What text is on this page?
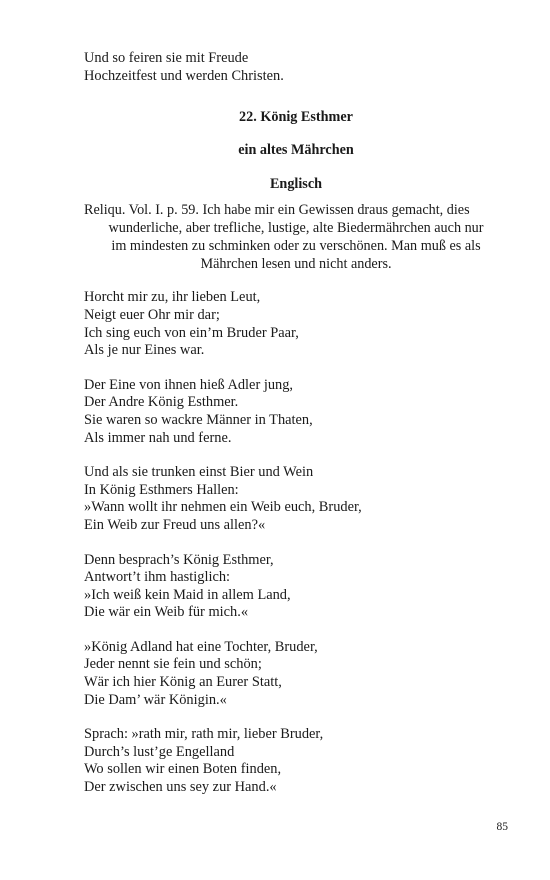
Und so feiren sie mit Freude
Hochzeitfest und werden Christen.
22. König Esthmer
ein altes Mährchen
Englisch
Reliqu. Vol. I. p. 59. Ich habe mir ein Gewissen draus gemacht, dies
wunderliche, aber trefliche, lustige, alte Biedermährchen auch nur
im mindesten zu schminken oder zu verschönen. Man muß es als
Mährchen lesen und nicht anders.
Horcht mir zu, ihr lieben Leut,
Neigt euer Ohr mir dar;
Ich sing euch von ein’m Bruder Paar,
Als je nur Eines war.
Der Eine von ihnen hieß Adler jung,
Der Andre König Esthmer.
Sie waren so wackre Männer in Thaten,
Als immer nah und ferne.
Und als sie trunken einst Bier und Wein
In König Esthmers Hallen:
»Wann wollt ihr nehmen ein Weib euch, Bruder,
Ein Weib zur Freud uns allen?«
Denn besprach’s König Esthmer,
Antwort’t ihm hastiglich:
»Ich weiß kein Maid in allem Land,
Die wär ein Weib für mich.«
»König Adland hat eine Tochter, Bruder,
Jeder nennt sie fein und schön;
Wär ich hier König an Eurer Statt,
Die Dam’ wär Königin.«
Sprach: »rath mir, rath mir, lieber Bruder,
Durch’s lust’ge Engelland
Wo sollen wir einen Boten finden,
Der zwischen uns sey zur Hand.«
85
